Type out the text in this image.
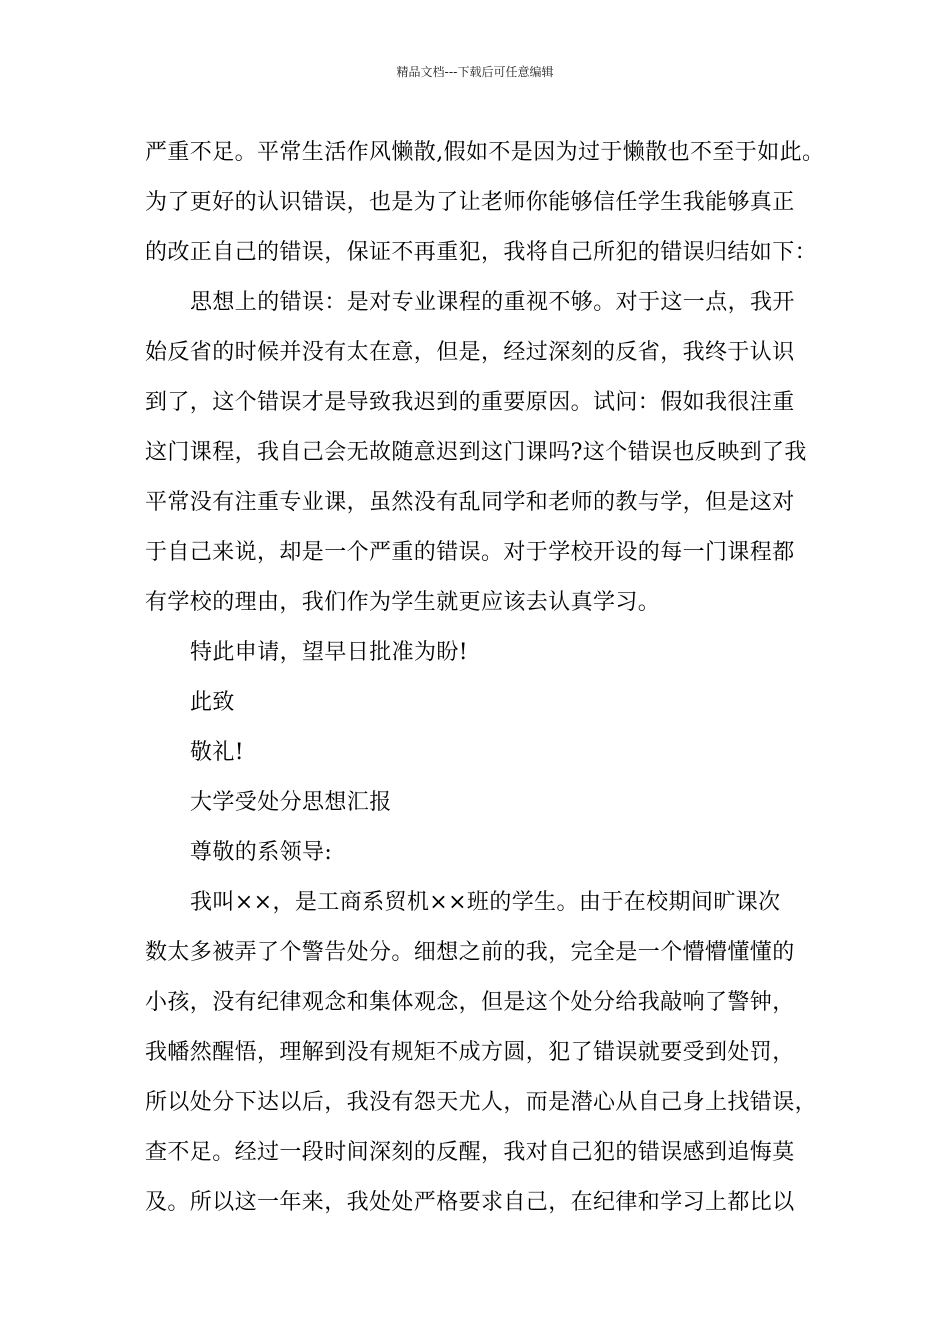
精品文档---下载后可任意编辑
严重不足。平常生活作风懒散,假如不是因为过于懒散也不至于如此。
为了更好的认识错误，也是为了让老师你能够信任学生我能够真正
的改正自己的错误，保证不再重犯，我将自己所犯的错误归结如下：
思想上的错误：是对专业课程的重视不够。对于这一点，我开
始反省的时候并没有太在意，但是，经过深刻的反省，我终于认识
到了，这个错误才是导致我迟到的重要原因。试问：假如我很注重
这门课程，我自己会无故随意迟到这门课吗?这个错误也反映到了我
平常没有注重专业课，虽然没有乱同学和老师的教与学，但是这对
于自己来说，却是一个严重的错误。对于学校开设的每一门课程都
有学校的理由，我们作为学生就更应该去认真学习。
特此申请，望早日批准为盼!
此致
敬礼!
大学受处分思想汇报
尊敬的系领导:
我叫××，是工商系贸机××班的学生。由于在校期间旷课次
数太多被弄了个警告处分。细想之前的我，完全是一个懵懵懂懂的
小孩，没有纪律观念和集体观念，但是这个处分给我敲响了警钟，
我幡然醒悟，理解到没有规矩不成方圆，犯了错误就要受到处罚，
所以处分下达以后，我没有怨天尤人，而是潜心从自己身上找错误，
查不足。经过一段时间深刻的反醒，我对自己犯的错误感到追悔莫
及。所以这一年来，我处处严格要求自己，在纪律和学习上都比以
